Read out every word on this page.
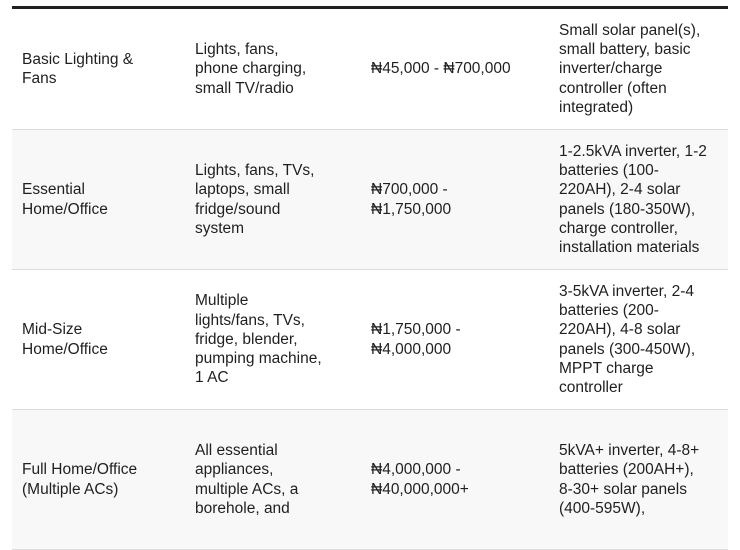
Basic Lighting &
Fans
Lights, fans,
phone charging,
small TV/radio
₦45,000 - ₦700,000
Small solar panel(s),
small battery, basic
inverter/charge
controller (often
integrated)
Essential
Home/Office
Lights, fans, TVs,
laptops, small
fridge/sound
system
₦700,000 -
₦1,750,000
1-2.5kVA inverter, 1-2
batteries (100-
220AH), 2-4 solar
panels (180-350W),
charge controller,
installation materials
Mid-Size
Home/Office
Multiple
lights/fans, TVs,
fridge, blender,
pumping machine,
1 AC
₦1,750,000 -
₦4,000,000
3-5kVA inverter, 2-4
batteries (200-
220AH), 4-8 solar
panels (300-450W),
MPPT charge
controller
Full Home/Office
(Multiple ACs)
All essential
appliances,
multiple ACs, a
borehole, and
₦4,000,000 -
₦40,000,000+
5kVA+ inverter, 4-8+
batteries (200AH+),
8-30+ solar panels
(400-595W),
